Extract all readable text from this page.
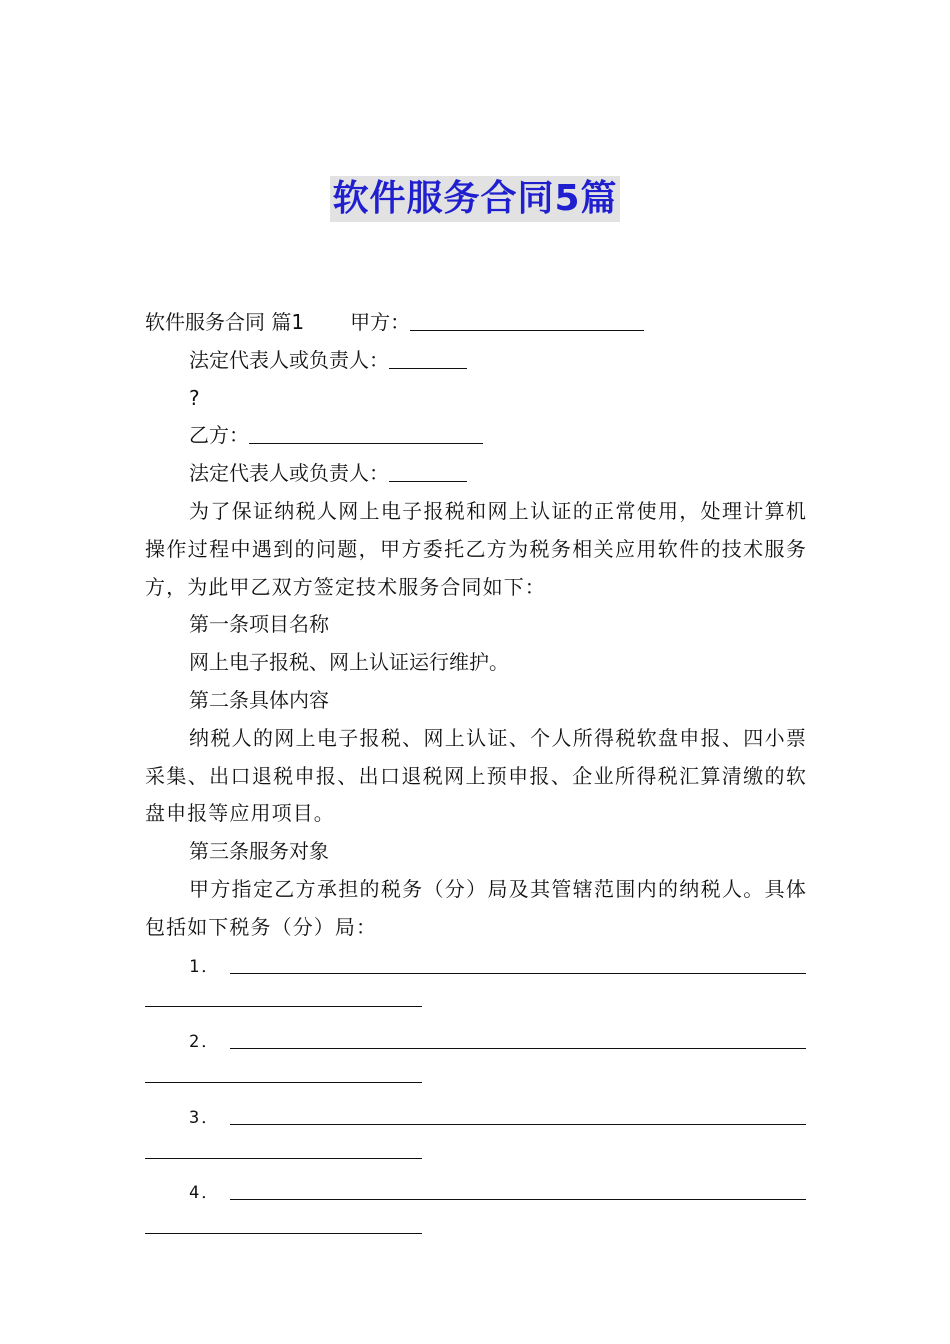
软件服务合同5篇
软件服务合同 篇1 甲方：
法定代表人或负责人：
?
乙方：
法定代表人或负责人：
为了保证纳税人网上电子报税和网上认证的正常使用，处理计算机操作过程中遇到的问题，甲方委托乙方为税务相关应用软件的技术服务方，为此甲乙双方签定技术服务合同如下：
第一条项目名称
网上电子报税、网上认证运行维护。
第二条具体内容
纳税人的网上电子报税、网上认证、个人所得税软盘申报、四小票采集、出口退税申报、出口退税网上预申报、企业所得税汇算清缴的软盘申报等应用项目。
第三条服务对象
甲方指定乙方承担的税务（分）局及其管辖范围内的纳税人。具体包括如下税务（分）局：
1．
2．
3．
4．
